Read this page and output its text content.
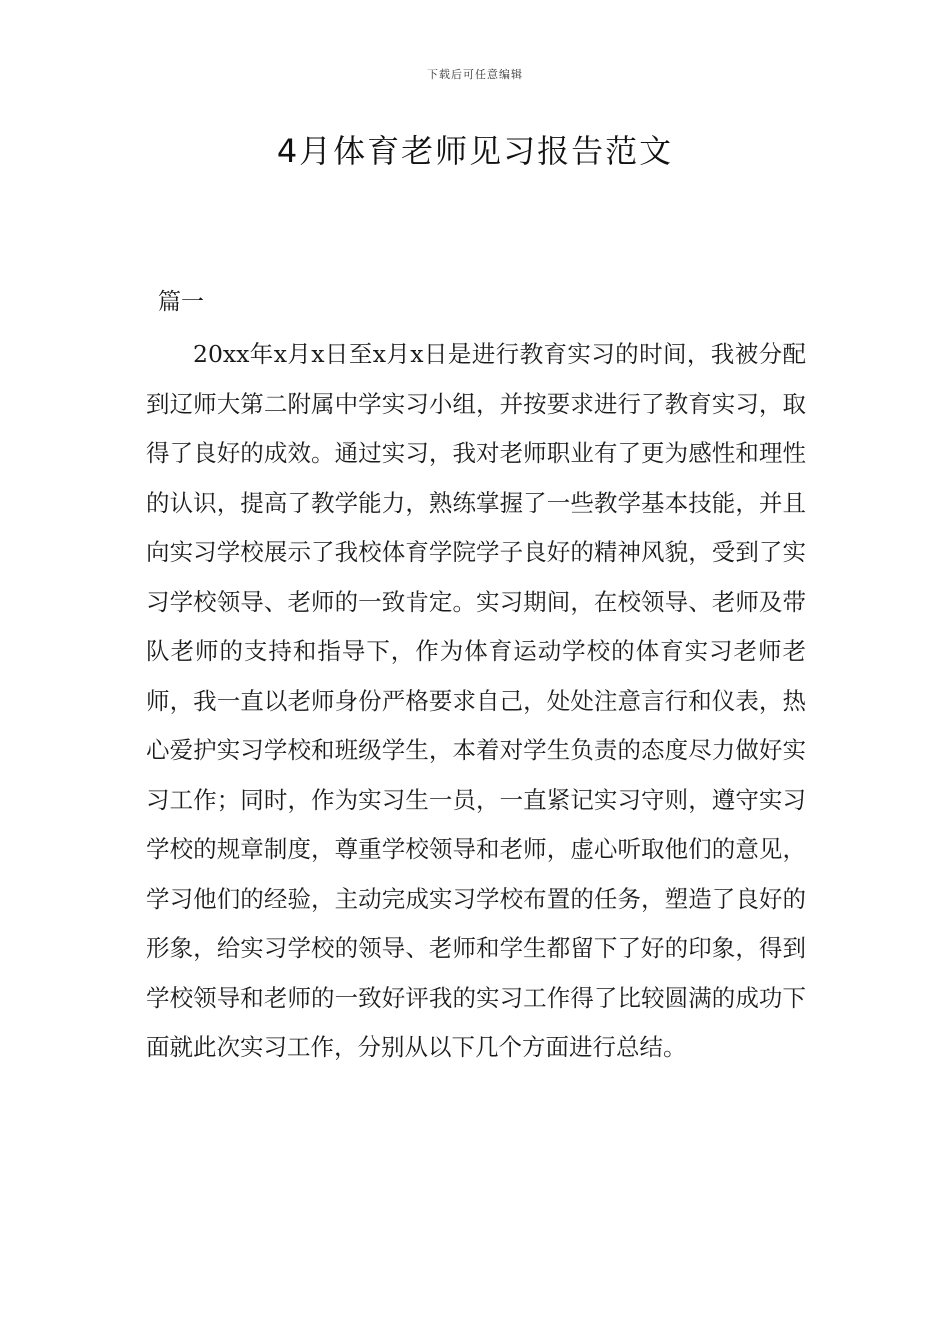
下载后可任意编辑
4月体育老师见习报告范文
篇一

20xx年x月x日至x月x日是进行教育实习的时间，我被分配到辽师大第二附属中学实习小组，并按要求进行了教育实习，取得了良好的成效。通过实习，我对老师职业有了更为感性和理性的认识，提高了教学能力，熟练掌握了一些教学基本技能，并且向实习学校展示了我校体育学院学子良好的精神风貌，受到了实习学校领导、老师的一致肯定。实习期间，在校领导、老师及带队老师的支持和指导下，作为体育运动学校的体育实习老师老师，我一直以老师身份严格要求自己，处处注意言行和仪表，热心爱护实习学校和班级学生，本着对学生负责的态度尽力做好实习工作；同时，作为实习生一员，一直紧记实习守则，遵守实习学校的规章制度，尊重学校领导和老师，虚心听取他们的意见，学习他们的经验，主动完成实习学校布置的任务，塑造了良好的形象，给实习学校的领导、老师和学生都留下了好的印象，得到学校领导和老师的一致好评我的实习工作得了比较圆满的成功下面就此次实习工作，分别从以下几个方面进行总结。
